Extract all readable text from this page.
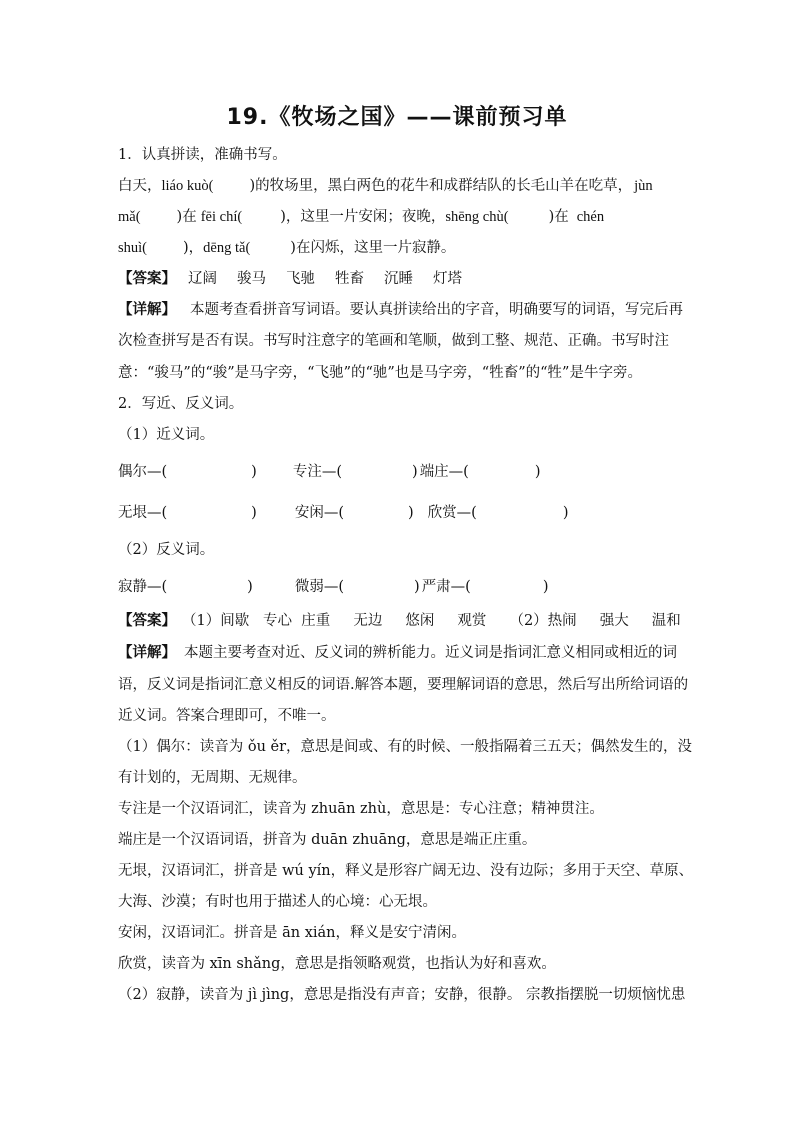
19.《牧场之国》——课前预习单
1．认真拼读，准确书写。
白天，liáo kuò( )的牧场里，黑白两色的花牛和成群结队的长毛山羊在吃草， jùn
mǎ( )在 fēi chí(	)，这里一片安闲；夜晚，shēng chù(	)在 chén
shuì( )，dēng tǎ(	)在闪烁，这里一片寂静。
【答案】 辽阔 骏马 飞驰 牲畜 沉睡 灯塔
【详解】 本题考查看拼音写词语。要认真拼读给出的字音，明确要写的词语，写完后再
次检查拼写是否有误。书写时注意字的笔画和笔顺，做到工整、规范、正确。书写时注
意：“骏马”的“骏”是马字旁，“飞驰”的“驰”也是马字旁，“牲畜”的“牲”是牛字旁。
2．写近、反义词。
（1）近义词。
偶尔—(	) 专注—(	) 端庄—(	)
无垠—(	)	安闲—(	) 欣赏—(	)
（2）反义词。
寂静—(	)	微弱—(	) 严肃—(	)
【答案】 （1）间歇   专心  庄重     无边     悠闲     观赏     （2）热闹     强大     温和
【详解】 本题主要考查对近、反义词的辨析能力。近义词是指词汇意义相同或相近的词
语，反义词是指词汇意义相反的词语.解答本题，要理解词语的意思，然后写出所给词语的
近义词。答案合理即可，不唯一。
（1）偶尔：读音为 ǒu ěr，意思是间或、有的时候、一般指隔着三五天；偶然发生的，没
有计划的，无周期、无规律。
专注是一个汉语词汇，读音为 zhuān zhù，意思是：专心注意；精神贯注。
端庄是一个汉语词语，拼音为 duān zhuāng，意思是端正庄重。
无垠，汉语词汇，拼音是 wú yín，释义是形容广阔无边、没有边际；多用于天空、草原、
大海、沙漠；有时也用于描述人的心境：心无垠。
安闲，汉语词汇。拼音是 ān xián，释义是安宁清闲。
欣赏，读音为 xīn shǎng，意思是指领略观赏，也指认为好和喜欢。
（2）寂静，读音为 jì jìng，意思是指没有声音；安静，很静。 宗教指摆脱一切烦恼忧患
